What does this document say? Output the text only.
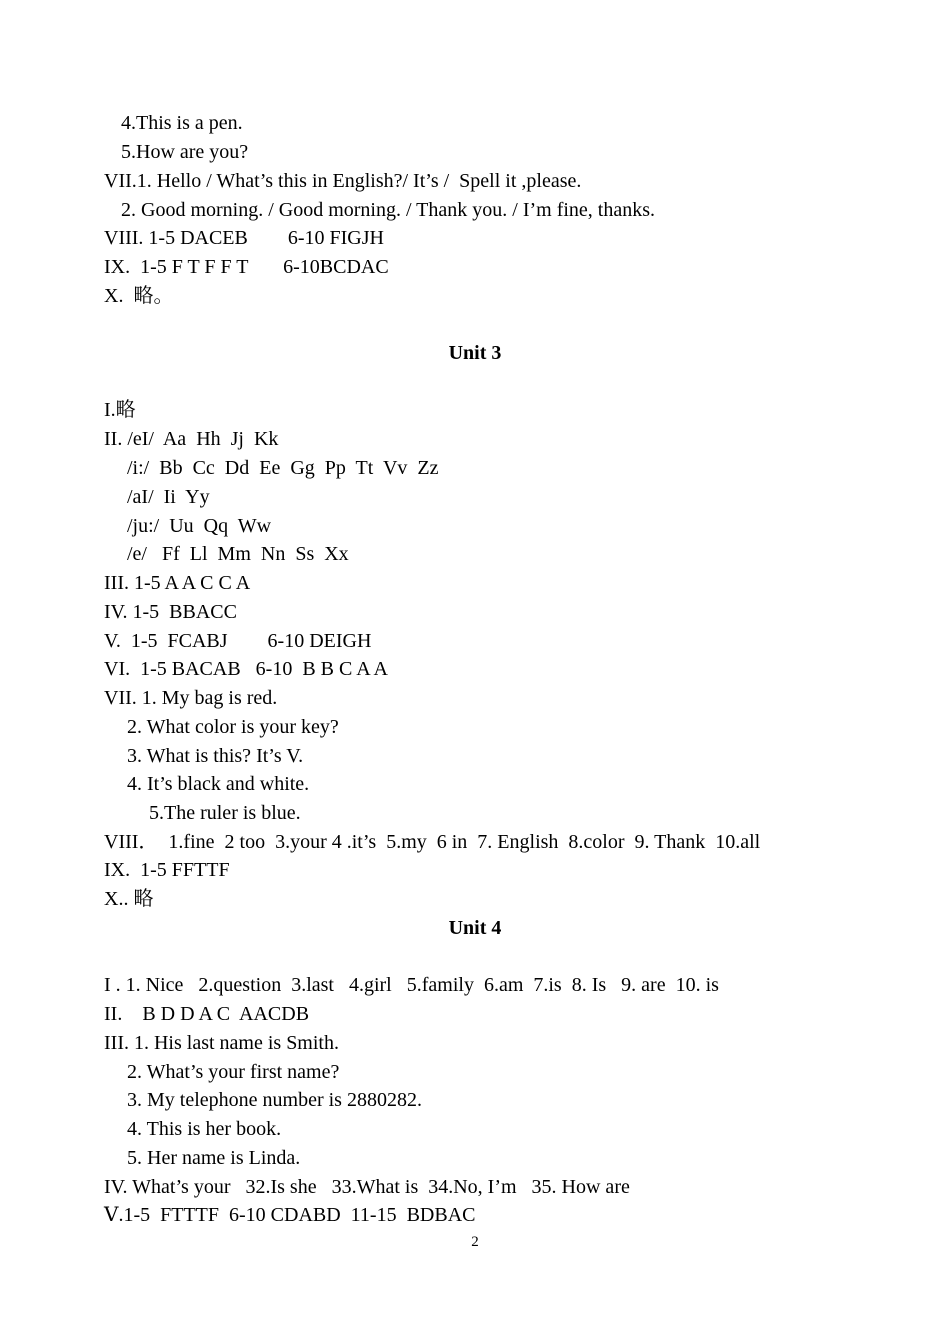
4.This is a pen.
5.How are you?
VII.1. Hello / What’s this in English?/ It’s /  Spell it ,please.
2. Good morning. / Good morning. / Thank you. / I’m fine, thanks.
VIII. 1-5 DACEB        6-10 FIGJH
IX.  1-5 F T F F T       6-10BCDAC
X.  略。
Unit 3
I.略
II. /eI/  Aa  Hh  Jj  Kk
/i:/  Bb  Cc  Dd  Ee  Gg  Pp  Tt  Vv  Zz
/aI/  Ii  Yy
/ju:/  Uu  Qq  Ww
/e/   Ff  Ll  Mm  Nn  Ss  Xx
III. 1-5 A A C C A
IV. 1-5  BBACC
V.  1-5  FCABJ        6-10 DEIGH
VI.  1-5 BACAB   6-10  B B C A A
VII. 1. My bag is red.
2. What color is your key?
3. What is this? It’s V.
4. It’s black and white.
5.The ruler is blue.
VIII．  1.fine  2 too  3.your 4 .it’s  5.my  6 in  7. English  8.color  9. Thank  10.all
IX.  1-5 FFTTF
X.. 略
Unit 4
I . 1. Nice   2.question  3.last   4.girl   5.family  6.am  7.is  8. Is   9. are  10. is
II.    B D D A C  AACDB
III. 1. His last name is Smith.
2. What’s your first name?
3. My telephone number is 2880282.
4. This is her book.
5. Her name is Linda.
IV. What’s your   32.Is she   33.What is  34.No, I’m   35. How are
Ⅴ.1-5  FTTTF  6-10 CDABD  11-15  BDBAC
2
